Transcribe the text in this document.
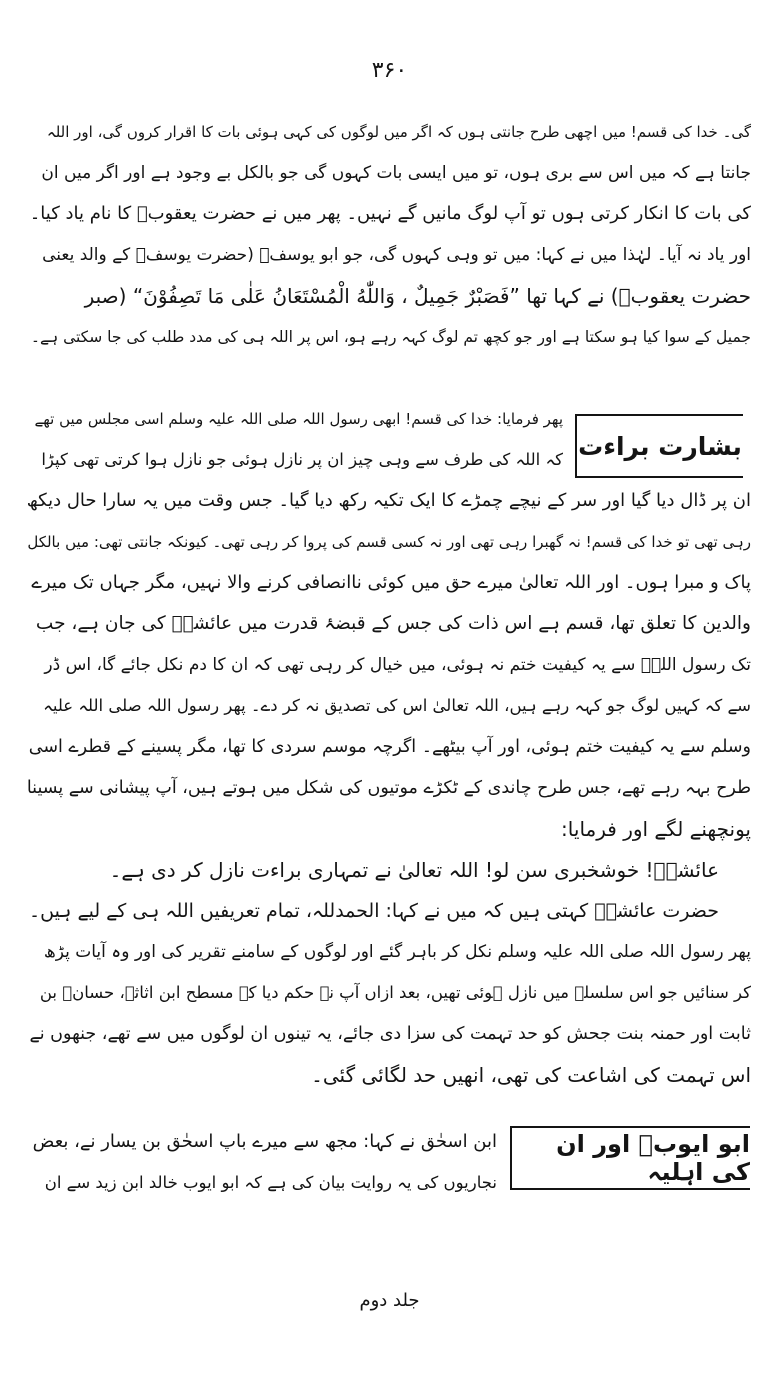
۳۶۰
گی۔ خدا کی قسم! میں اچھی طرح جانتی ہوں کہ اگر میں لوگوں کی کہی ہوئی بات کا اقرار کروں گی، اور اللہ
جانتا ہے کہ میں اس سے بری ہوں، تو میں ایسی بات کہوں گی جو بالکل بے وجود ہے اور اگر میں ان
کی بات کا انکار کرتی ہوں تو آپ لوگ مانیں گے نہیں۔ پھر میں نے حضرت یعقوبؑ کا نام یاد کیا۔
اور یاد نہ آیا۔ لہٰذا میں نے کہا: میں تو وہی کہوں گی، جو ابو یوسفؑ (حضرت یوسفؑ کے والد یعنی
حضرت یعقوبؑ) نے کہا تھا ”فَصَبْرٌ جَمِيلٌ ، وَاللّٰهُ الْمُسْتَعَانُ عَلٰى مَا تَصِفُوْنَ“ (صبر
جمیل کے سوا کیا ہو سکتا ہے اور جو کچھ تم لوگ کہہ رہے ہو، اس پر اللہ ہی کی مدد طلب کی جا سکتی ہے۔
بشارت براءت
پھر فرمایا: خدا کی قسم! ابھی رسول اللہ صلی اللہ علیہ وسلم اسی مجلس میں تھے
کہ اللہ کی طرف سے وہی چیز ان پر نازل ہوئی جو نازل ہوا کرتی تھی کپڑا
ان پر ڈال دیا گیا اور سر کے نیچے چمڑے کا ایک تکیہ رکھ دیا گیا۔ جس وقت میں یہ سارا حال دیکھ
رہی تھی تو خدا کی قسم! نہ گھبرا رہی تھی اور نہ کسی قسم کی پروا کر رہی تھی۔ کیونکہ جانتی تھی: میں بالکل
پاک و مبرا ہوں۔ اور اللہ تعالیٰ میرے حق میں کوئی ناانصافی کرنے والا نہیں، مگر جہاں تک میرے
والدین کا تعلق تھا، قسم ہے اس ذات کی جس کے قبضۂ قدرت میں عائشہؓ کی جان ہے، جب
تک رسول اللہؐ سے یہ کیفیت ختم نہ ہوئی، میں خیال کر رہی تھی کہ ان کا دم نکل جائے گا، اس ڈر
سے کہ کہیں لوگ جو کہہ رہے ہیں، اللہ تعالیٰ اس کی تصدیق نہ کر دے۔ پھر رسول اللہ صلی اللہ علیہ
وسلم سے یہ کیفیت ختم ہوئی، اور آپ بیٹھے۔ اگرچہ موسم سردی کا تھا، مگر پسینے کے قطرے اسی
طرح بہہ رہے تھے، جس طرح چاندی کے ٹکڑے موتیوں کی شکل میں ہوتے ہیں، آپ پیشانی سے پسینا
پونچھنے لگے اور فرمایا:
عائشہؓ! خوشخبری سن لو! اللہ تعالیٰ نے تمہاری براءت نازل کر دی ہے۔
حضرت عائشہؓ کہتی ہیں کہ میں نے کہا: الحمدللہ، تمام تعریفیں اللہ ہی کے لیے ہیں۔
پھر رسول اللہ صلی اللہ علیہ وسلم نکل کر باہر گئے اور لوگوں کے سامنے تقریر کی اور وہ آیات پڑھ
کر سنائیں جو اس سلسلے میں نازل ہوئی تھیں، بعد ازاں آپ نے حکم دیا کہ مسطح ابن اثاثہ، حسانؓ بن
ثابت اور حمنہ بنت جحش کو حد تہمت کی سزا دی جائے، یہ تینوں ان لوگوں میں سے تھے، جنھوں نے
اس تہمت کی اشاعت کی تھی، انھیں حد لگائی گئی۔
ابو ایوبؓ اور ان کی اہلیہ
ابن اسحٰق نے کہا: مجھ سے میرے باپ اسحٰق بن یسار نے، بعض
نجاریوں کی یہ روایت بیان کی ہے کہ ابو ایوب خالد ابن زید سے ان
جلد دوم
